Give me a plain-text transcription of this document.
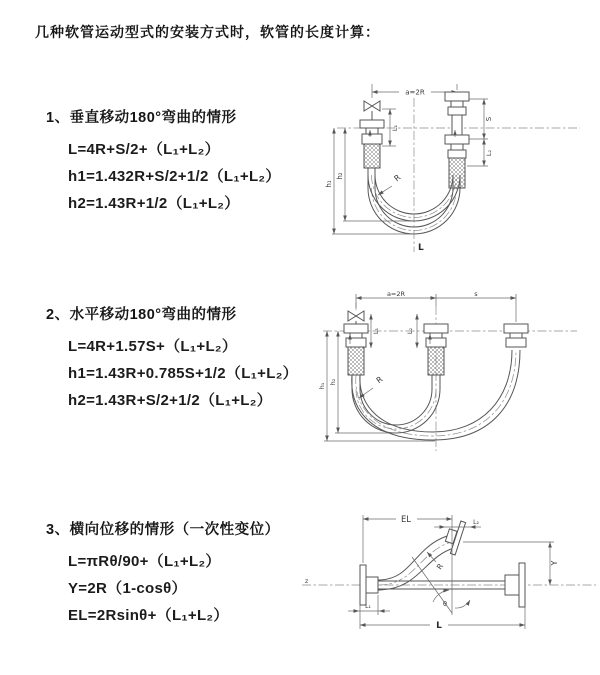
几种软管运动型式的安装方式时，软管的长度计算：
1、垂直移动180°弯曲的情形
L=4R+S/2+（L₁+L₂）
h1=1.432R+S/2+1/2（L₁+L₂）
h2=1.43R+1/2（L₁+L₂）
a=2R
h₁
h₂
L₁
S
L₂
R
L
2、水平移动180°弯曲的情形
L=4R+1.57S+（L₁+L₂）
h1=1.43R+0.785S+1/2（L₁+L₂）
h2=1.43R+S/2+1/2（L₁+L₂）
a=2R	s
h₁
h₂
L₁	L₂
R
3、横向位移的情形（一次性变位）
L=πRθ/90+（L₁+L₂）
Y=2R（1-cosθ）
EL=2Rsinθ+（L₁+L₂）
z
EL	L₂
Y
L
L₁	θ
R
